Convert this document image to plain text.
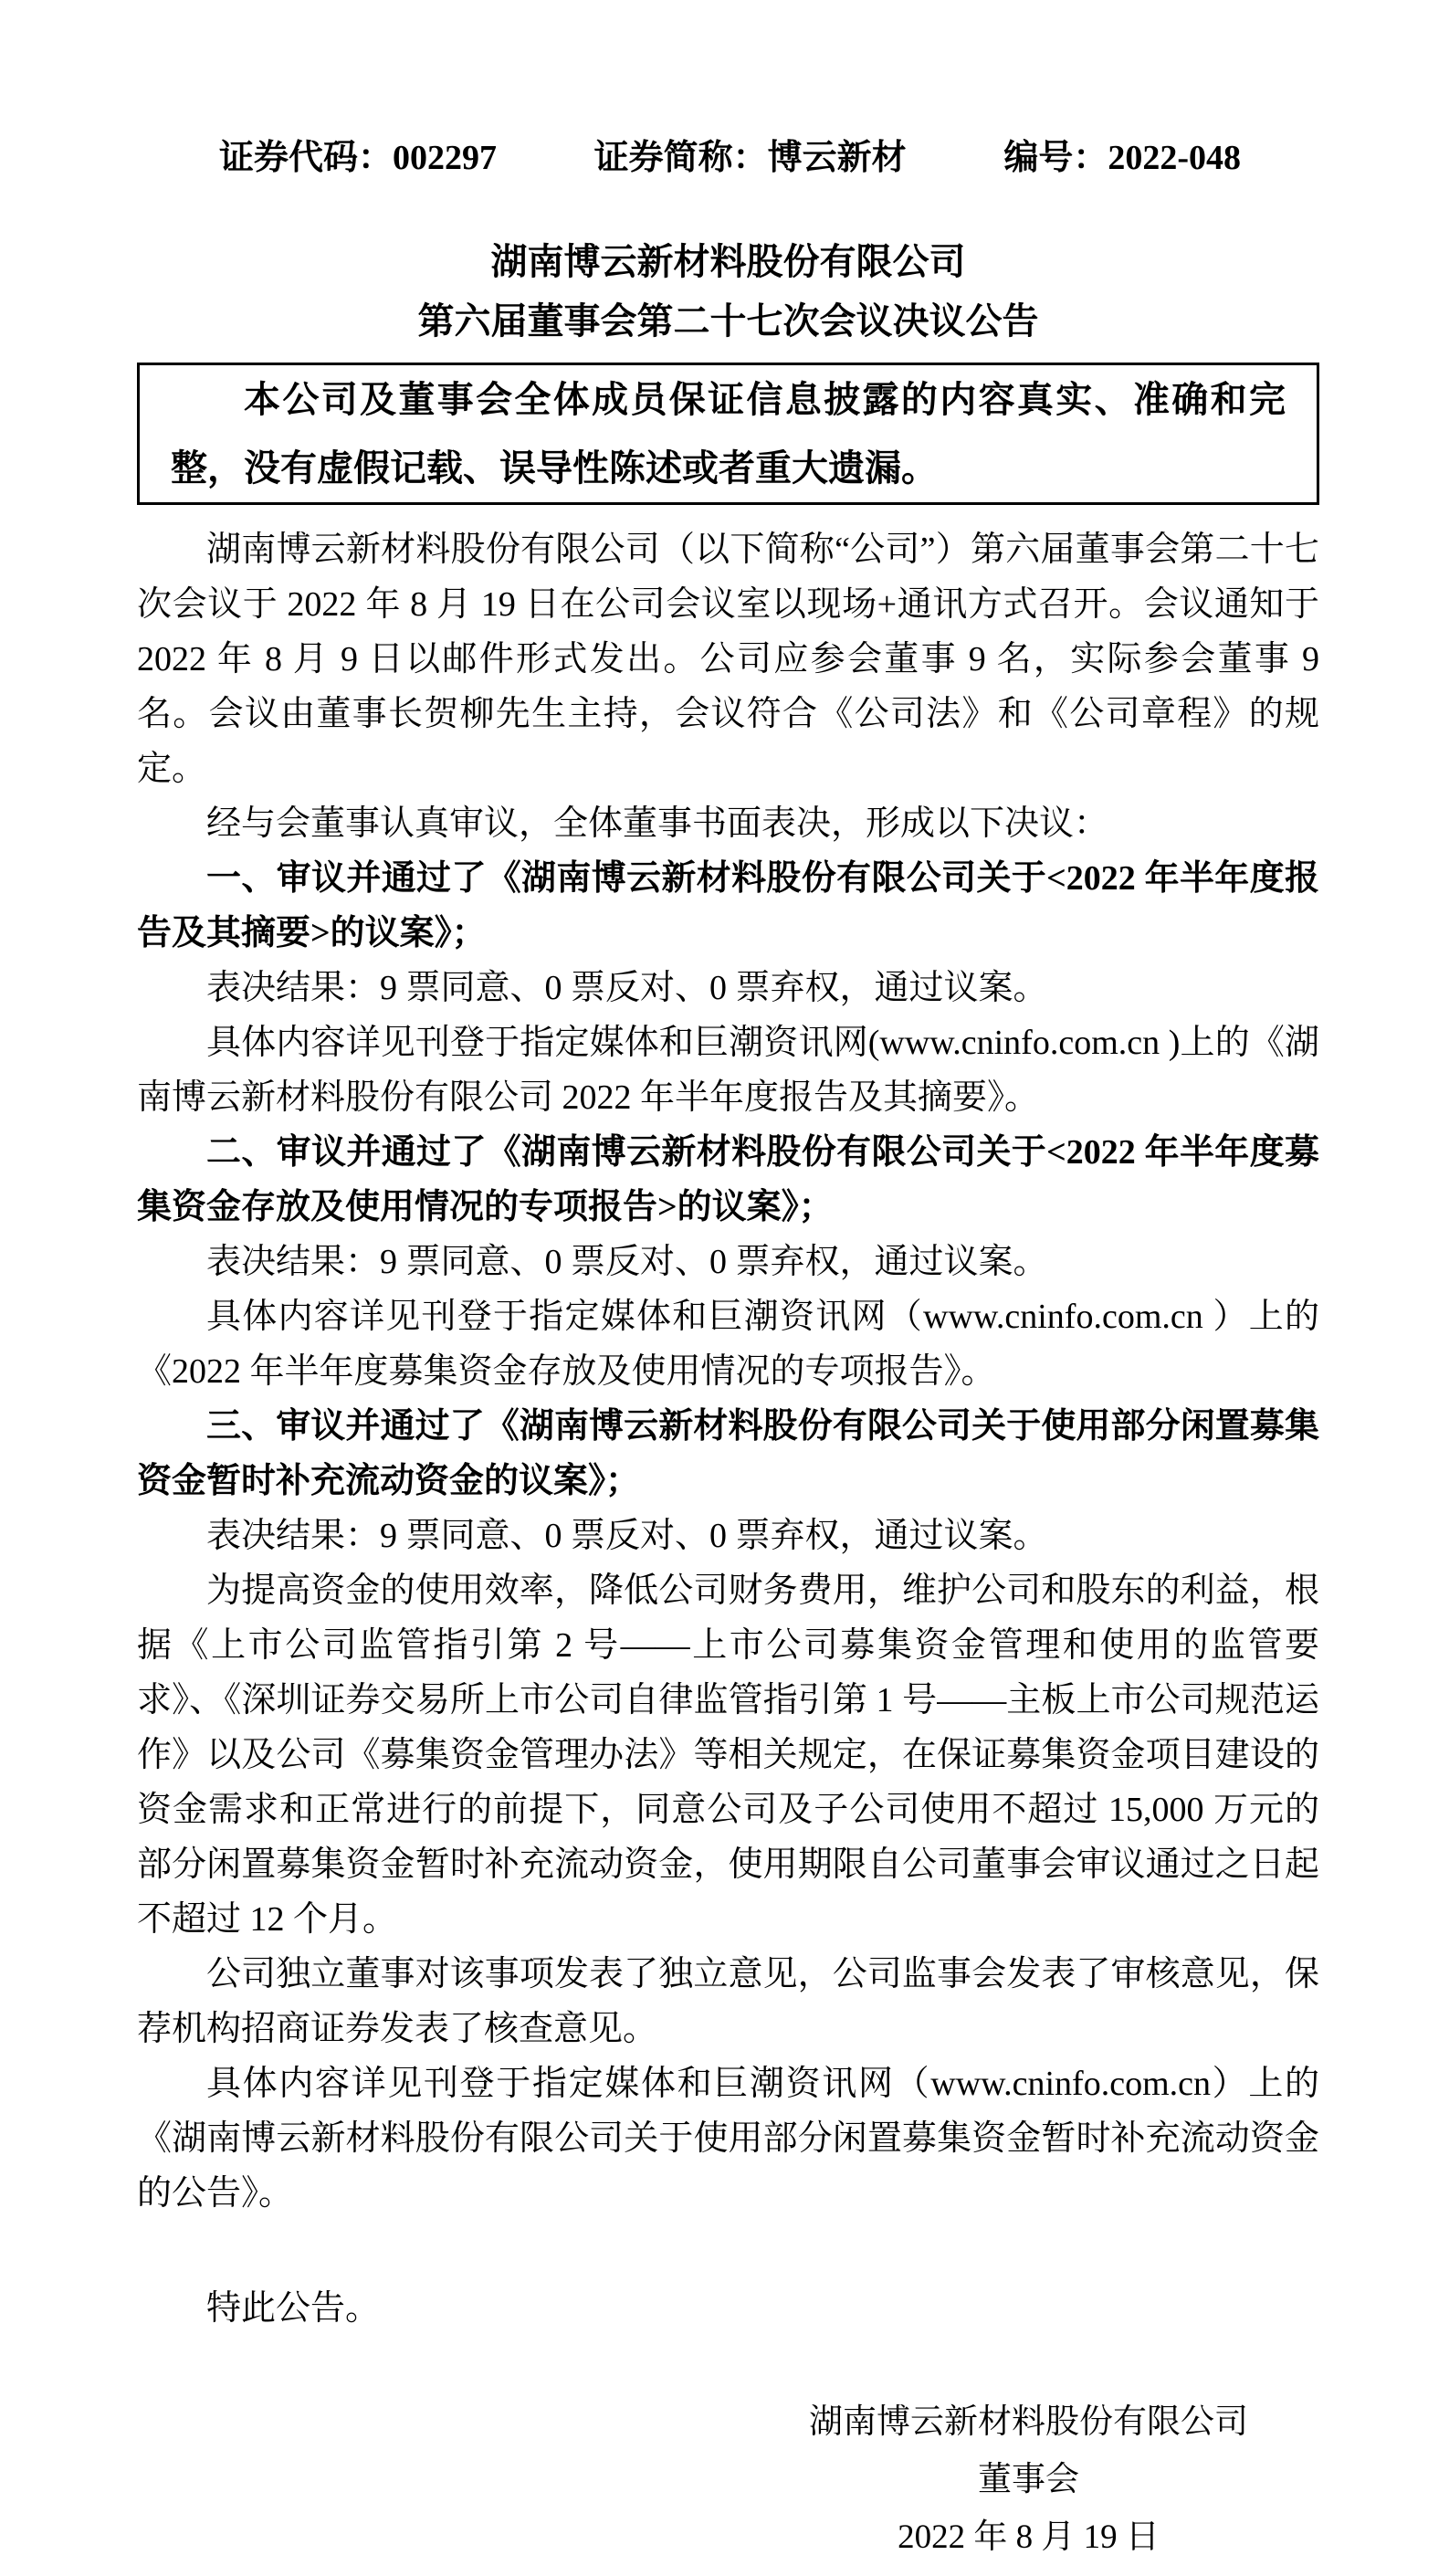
证券代码：002297	证券简称：博云新材	编号：2022-048
湖南博云新材料股份有限公司
第六届董事会第二十七次会议决议公告

本公司及董事会全体成员保证信息披露的内容真实、准确和完整，没有虚假记载、误导性陈述或者重大遗漏。

湖南博云新材料股份有限公司（以下简称“公司”）第六届董事会第二十七次会议于 2022 年 8 月 19 日在公司会议室以现场+通讯方式召开。会议通知于 2022 年 8 月 9 日以邮件形式发出。公司应参会董事 9 名，实际参会董事 9 名。会议由董事长贺柳先生主持，会议符合《公司法》和《公司章程》的规定。

经与会董事认真审议，全体董事书面表决，形成以下决议：

一、审议并通过了《湖南博云新材料股份有限公司关于<2022 年半年度报告及其摘要>的议案》；

表决结果：9 票同意、0 票反对、0 票弃权，通过议案。

具体内容详见刊登于指定媒体和巨潮资讯网(www.cninfo.com.cn )上的《湖南博云新材料股份有限公司 2022 年半年度报告及其摘要》。

二、审议并通过了《湖南博云新材料股份有限公司关于<2022 年半年度募集资金存放及使用情况的专项报告>的议案》；

表决结果：9 票同意、0 票反对、0 票弃权，通过议案。

具体内容详见刊登于指定媒体和巨潮资讯网（www.cninfo.com.cn ）上的《2022 年半年度募集资金存放及使用情况的专项报告》。

三、审议并通过了《湖南博云新材料股份有限公司关于使用部分闲置募集资金暂时补充流动资金的议案》；

表决结果：9 票同意、0 票反对、0 票弃权，通过议案。

为提高资金的使用效率，降低公司财务费用，维护公司和股东的利益，根据《上市公司监管指引第 2 号——上市公司募集资金管理和使用的监管要求》、《深圳证券交易所上市公司自律监管指引第 1 号——主板上市公司规范运作》以及公司《募集资金管理办法》等相关规定，在保证募集资金项目建设的资金需求和正常进行的前提下，同意公司及子公司使用不超过 15,000 万元的部分闲置募集资金暂时补充流动资金，使用期限自公司董事会审议通过之日起不超过 12 个月。

公司独立董事对该事项发表了独立意见，公司监事会发表了审核意见，保荐机构招商证券发表了核查意见。

具体内容详见刊登于指定媒体和巨潮资讯网（www.cninfo.com.cn）上的 《湖南博云新材料股份有限公司关于使用部分闲置募集资金暂时补充流动资金的公告》。

特此公告。

湖南博云新材料股份有限公司
董事会
2022 年 8 月 19 日
